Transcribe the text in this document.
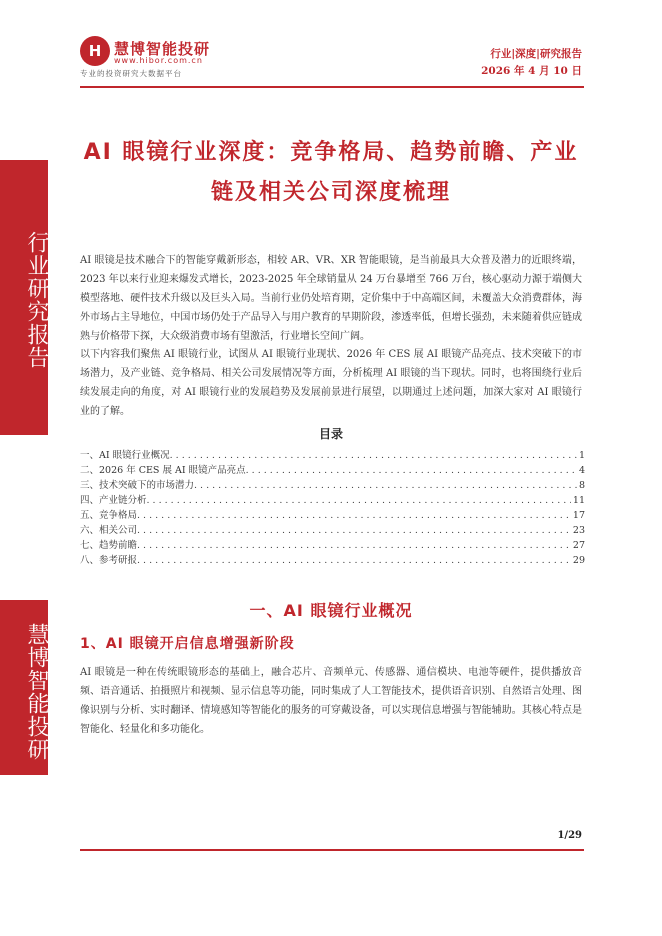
行业研究报告
慧博智能投研
H 慧博智能投研
www.hibor.com.cn
专业的投资研究大数据平台
行业|深度|研究报告
2026 年 4 月 10 日
AI 眼镜行业深度：竞争格局、趋势前瞻、产业链及相关公司深度梳理
AI 眼镜是技术融合下的智能穿戴新形态，相较 AR、VR、XR 智能眼镜，是当前最具大众普及潜力的近眼终端，2023 年以来行业迎来爆发式增长，2023-2025 年全球销量从 24 万台暴增至 766 万台，核心驱动力源于端侧大模型落地、硬件技术升级以及巨头入局。当前行业仍处培育期，定价集中于中高端区间，未覆盖大众消费群体，海外市场占主导地位，中国市场仍处于产品导入与用户教育的早期阶段，渗透率低，但增长强劲，未来随着供应链成熟与价格带下探，大众级消费市场有望激活，行业增长空间广阔。
以下内容我们聚焦 AI 眼镜行业，试图从 AI 眼镜行业现状、2026 年 CES 展 AI 眼镜产品亮点、技术突破下的市场潜力，及产业链、竞争格局、相关公司发展情况等方面，分析梳理 AI 眼镜的当下现状。同时，也将围绕行业后续发展走向的角度，对 AI 眼镜行业的发展趋势及发展前景进行展望，以期通过上述问题，加深大家对 AI 眼镜行业的了解。
目录
一、AI 眼镜行业概况 . . .	1
二、2026 年 CES 展 AI 眼镜产品亮点 . . .	4
三、技术突破下的市场潜力 . . .	8
四、产业链分析 . . .	11
五、竞争格局 . . .	17
六、相关公司 . . .	23
七、趋势前瞻 . . .	27
八、参考研报 . . .	29
一、AI 眼镜行业概况
1、AI 眼镜开启信息增强新阶段
AI 眼镜是一种在传统眼镜形态的基础上，融合芯片、音频单元、传感器、通信模块、电池等硬件，提供播放音频、语音通话、拍摄照片和视频、显示信息等功能，同时集成了人工智能技术，提供语音识别、自然语言处理、图像识别与分析、实时翻译、情境感知等智能化的服务的可穿戴设备，可以实现信息增强与智能辅助。其核心特点是智能化、轻量化和多功能化。
1/29
